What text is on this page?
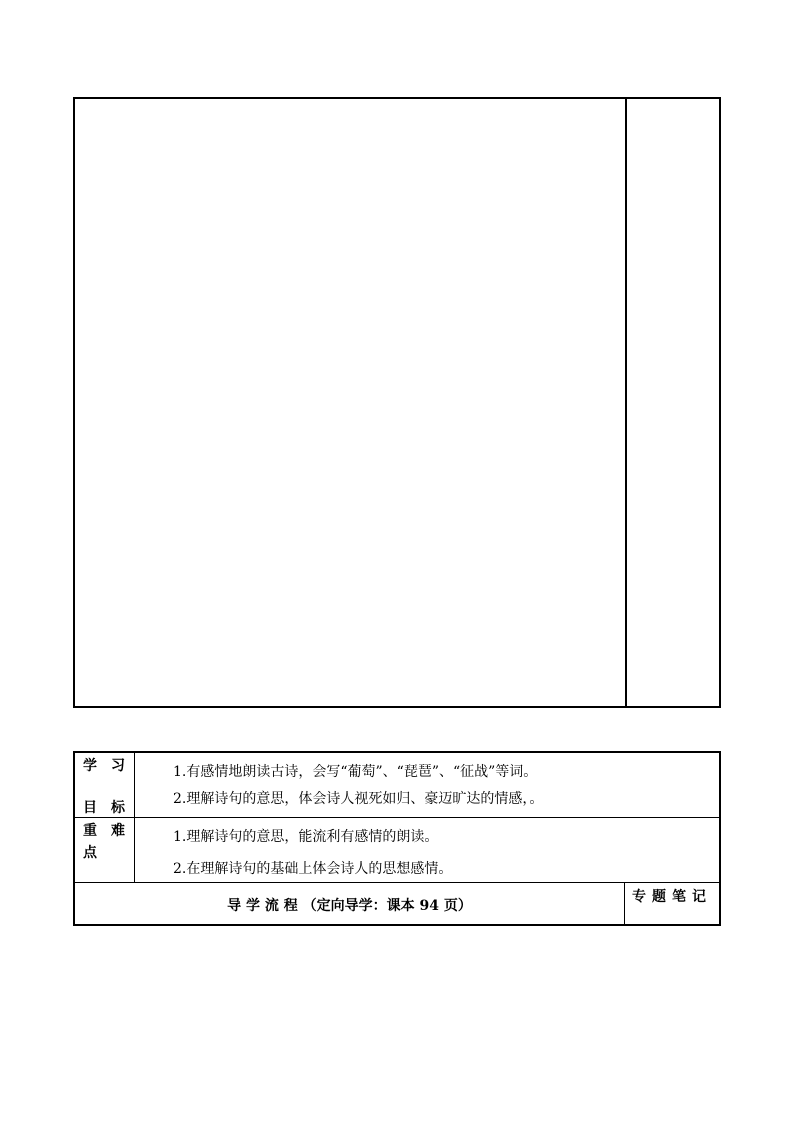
学　习
目　标
1.有感情地朗读古诗，会写“葡萄”、“琵琶”、“征战”等词。
2.理解诗句的意思，体会诗人视死如归、豪迈旷达的情感，。
重　难
点
1.理解诗句的意思，能流利有感情的朗读。
2.在理解诗句的基础上体会诗人的思想感情。
导 学 流 程 （定向导学：课本 94 页）
专题笔记
